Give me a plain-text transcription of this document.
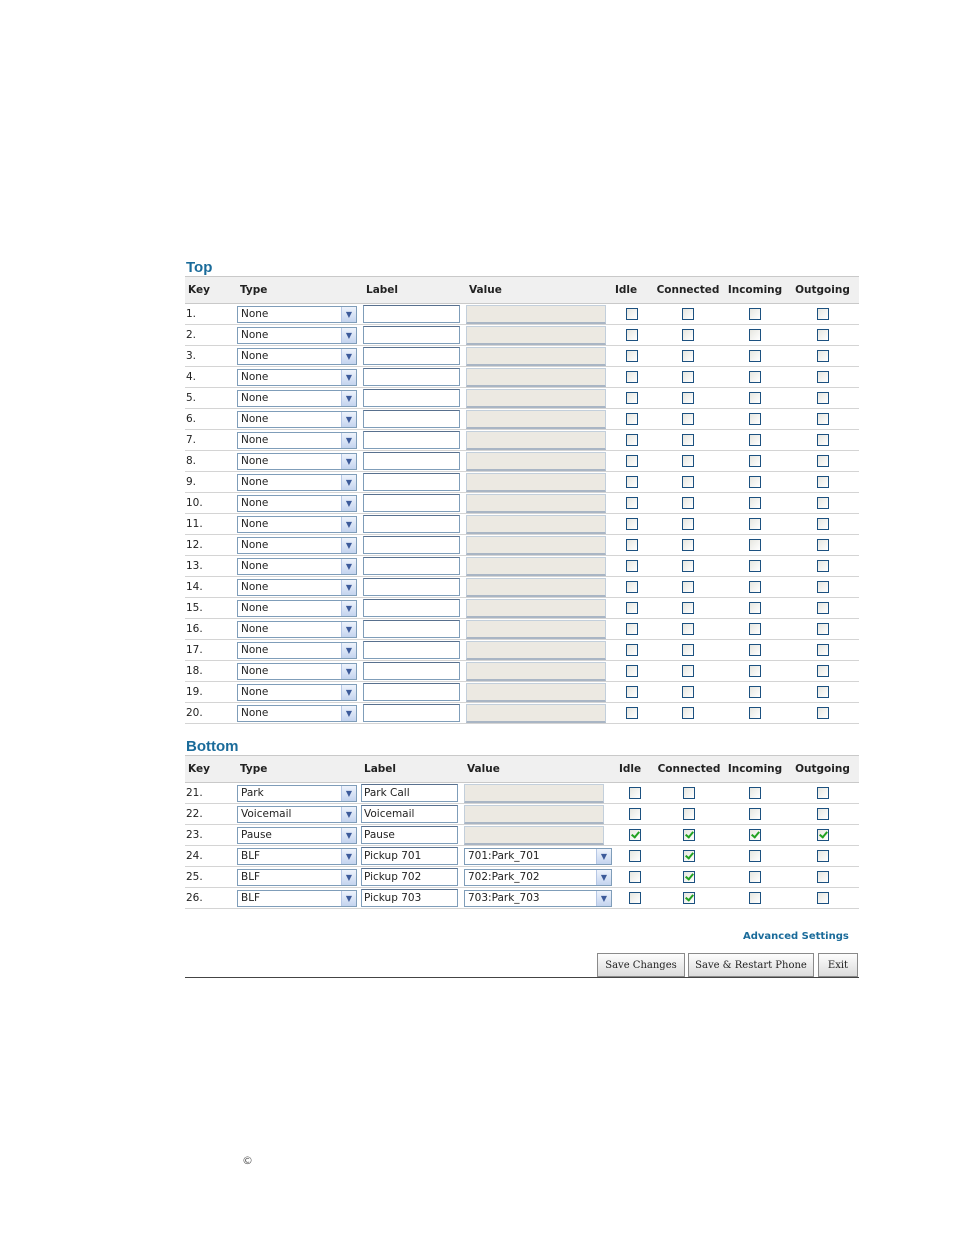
Top
Key	Type	Label	Value	Idle	Connected	Incoming	Outgoing
1.	None ▼						

2.	None ▼						

3.	None ▼						

4.	None ▼						

5.	None ▼						

6.	None ▼						

7.	None ▼						

8.	None ▼						

9.	None ▼						

10.	None ▼						

11.	None ▼						

12.	None ▼						

13.	None ▼						

14.	None ▼						

15.	None ▼						

16.	None ▼						

17.	None ▼						

18.	None ▼						

19.	None ▼						

20.	None ▼						

Bottom
Key	Type	Label	Value	Idle	Connected	Incoming	Outgoing
21.	Park ▼	Park Call					
22.	Voicemail ▼	Voicemail					
23.	Pause ▼	Pause					
24.	BLF ▼	Pickup 701	701:Park_701 ▼				

25.	BLF ▼	Pickup 702	702:Park_702 ▼				

26.	BLF ▼	Pickup 703	703:Park_703 ▼				

Advanced Settings
Save Changes	Save & Restart Phone	Exit
©
